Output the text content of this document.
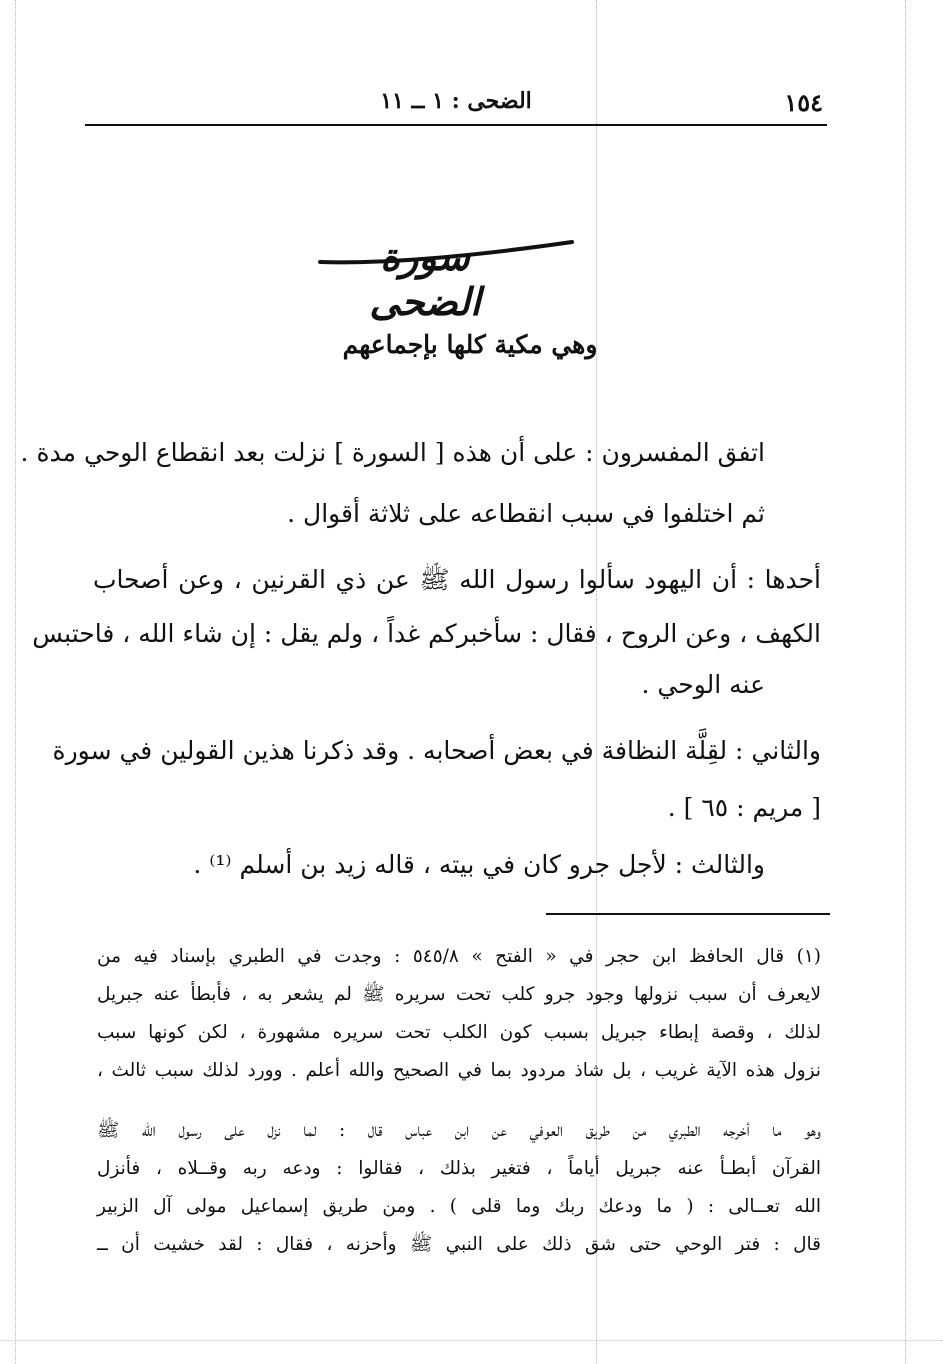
١٥٤
الضحى : ١ ــ ١١
سورة الضحى
وهي مكية كلها بإجماعهم
اتفق المفسرون : على أن هذه [ السورة ] نزلت بعد انقطاع الوحي مدة .
ثم اختلفوا في سبب انقطاعه على ثلاثة أقوال .
أحدها : أن اليهود سألوا رسول الله ﷺ عن ذي القرنين ، وعن أصحاب
الكهف ، وعن الروح ، فقال : سأخبركم غداً ، ولم يقل : إن شاء الله ، فاحتبس
عنه الوحي .
والثاني : لقِلَّة النظافة في بعض أصحابه . وقد ذكرنا هذين القولين في سورة
[ مريم : ٦٥ ] .
والثالث : لأجل جرو كان في بيته ، قاله زيد بن أسلم ⁽¹⁾ .
(١) قال الحافظ ابن حجر في « الفتح » ٥٤٥/٨ : وجدت في الطبري بإسناد فيه من
لايعرف أن سبب نزولها وجود جرو كلب تحت سريره ﷺ لم يشعر به ، فأبطأ عنه جبريل
لذلك ، وقصة إبطاء جبريل بسبب كون الكلب تحت سريره مشهورة ، لكن كونها سبب
نزول هذه الآية غريب ، بل شاذ مردود بما في الصحيح والله أعلم . وورد لذلك سبب ثالث ،
وهو ما أخرجه الطبري من طريق العوفي عن ابن عباس قال : لما نزل على رسول الله ﷺ
القرآن أبطـأ عنه جبريل أياماً ، فتغير بذلك ، فقالوا : ودعه ربه وقــلاه ، فأنزل
الله تعــالى : ( ما ودعك ربك وما قلى ) . ومن طريق إسماعيل مولى آل الزبير
قال : فتر الوحي حتى شق ذلك على النبي ﷺ وأحزنه ، فقال : لقد خشيت أن ــ
